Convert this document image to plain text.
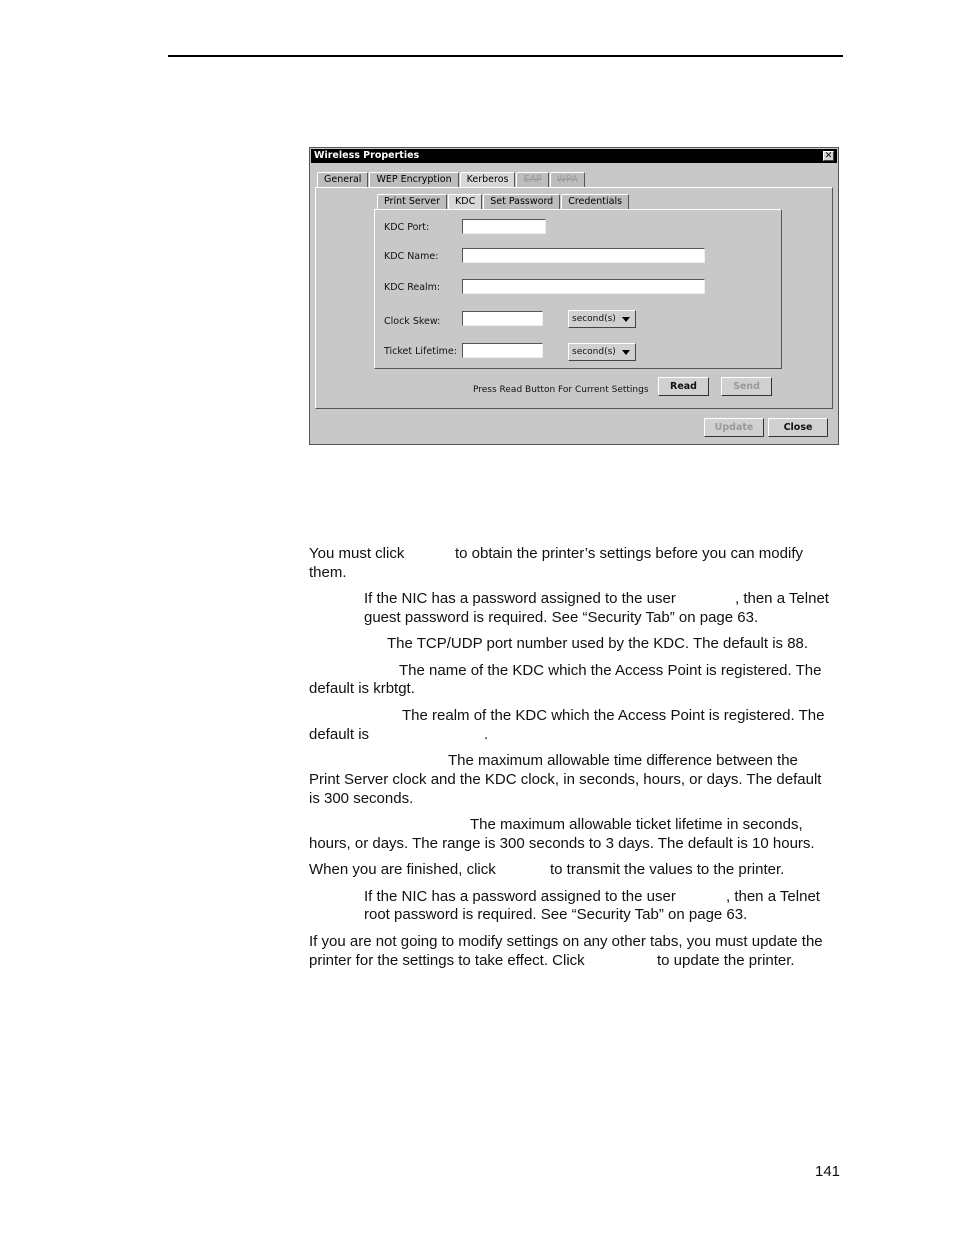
Wireless Properties	✕
General	WEP Encryption	Kerberos	EAP	WPA
Print Server	KDC	Set Password	Credentials
KDC Port:
KDC Name:
KDC Realm:
Clock Skew:	second(s)
Ticket Lifetime:	second(s)
Press Read Button For Current Settings	Read	Send
Update	Close
You must click	to obtain the printer’s settings before you can modify
them.
If the NIC has a password assigned to the user	, then a Telnet
guest password is required. See “Security Tab” on page 63.
The TCP/UDP port number used by the KDC. The default is 88.
The name of the KDC which the Access Point is registered. The
default is krbtgt.
The realm of the KDC which the Access Point is registered. The
default is	.
The maximum allowable time difference between the
Print Server clock and the KDC clock, in seconds, hours, or days. The default
is 300 seconds.
The maximum allowable ticket lifetime in seconds,
hours, or days. The range is 300 seconds to 3 days. The default is 10 hours.
When you are finished, click	to transmit the values to the printer.
If the NIC has a password assigned to the user	, then a Telnet
root password is required. See “Security Tab” on page 63.
If you are not going to modify settings on any other tabs, you must update the
printer for the settings to take effect. Click	to update the printer.
141
